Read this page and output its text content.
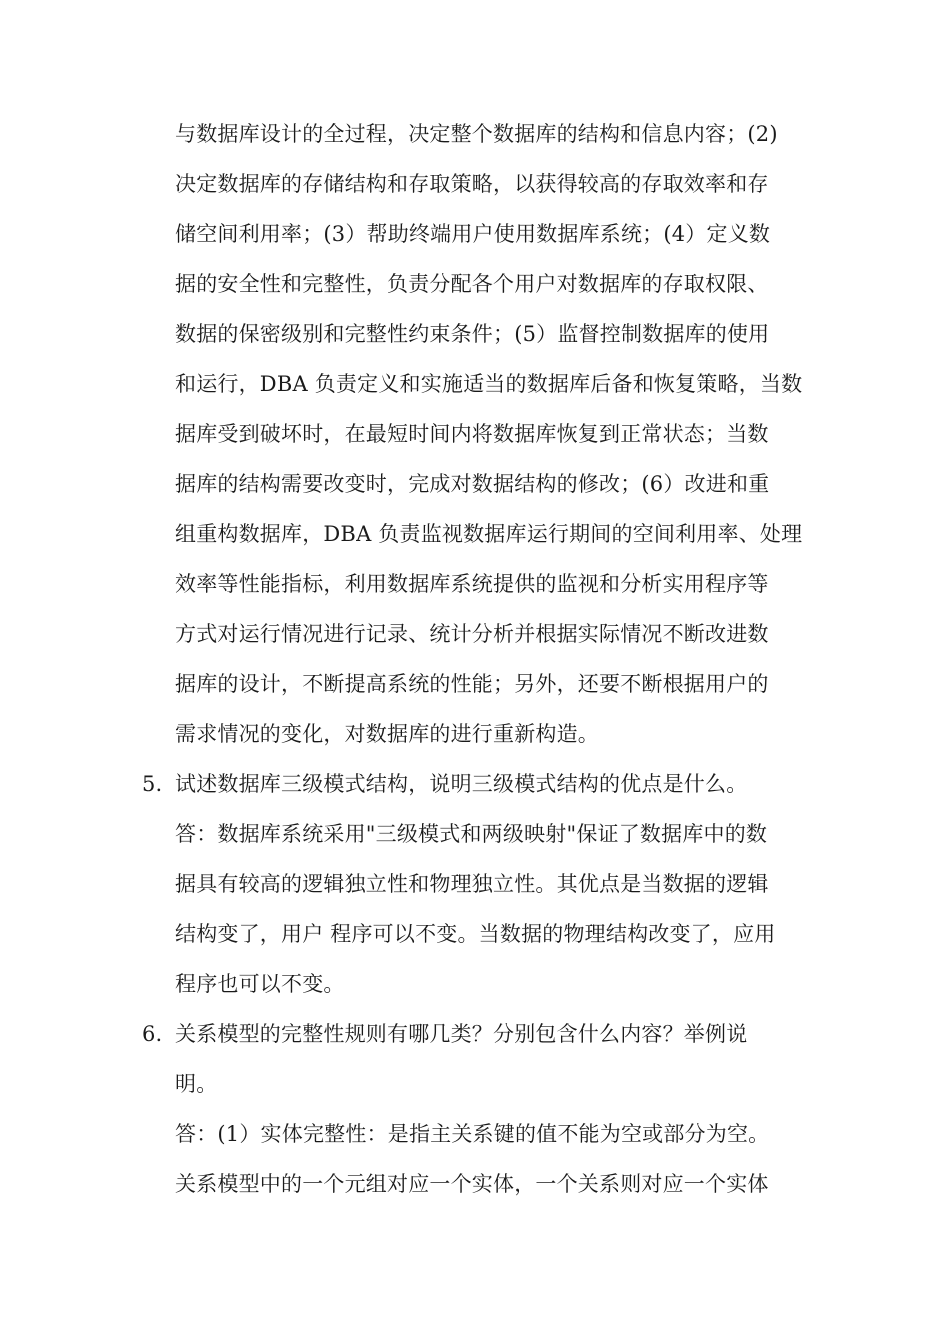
与数据库设计的全过程，决定整个数据库的结构和信息内容；(2)
决定数据库的存储结构和存取策略，以获得较高的存取效率和存
储空间利用率；(3）帮助终端用户使用数据库系统；(4）定义数
据的安全性和完整性，负责分配各个用户对数据库的存取权限、
数据的保密级别和完整性约束条件；(5）监督控制数据库的使用
和运行，DBA 负责定义和实施适当的数据库后备和恢复策略，当数
据库受到破坏时，在最短时间内将数据库恢复到正常状态；当数
据库的结构需要改变时，完成对数据结构的修改；(6）改进和重
组重构数据库，DBA 负责监视数据库运行期间的空间利用率、处理
效率等性能指标，利用数据库系统提供的监视和分析实用程序等
方式对运行情况进行记录、统计分析并根据实际情况不断改进数
据库的设计，不断提高系统的性能；另外，还要不断根据用户的
需求情况的变化，对数据库的进行重新构造。
5. 试述数据库三级模式结构，说明三级模式结构的优点是什么。
答：数据库系统采用"三级模式和两级映射"保证了数据库中的数
据具有较高的逻辑独立性和物理独立性。其优点是当数据的逻辑
结构变了，用户 程序可以不变。当数据的物理结构改变了，应用
程序也可以不变。
6. 关系模型的完整性规则有哪几类？分别包含什么内容？举例说
明。
答：(1）实体完整性：是指主关系键的值不能为空或部分为空。
关系模型中的一个元组对应一个实体，一个关系则对应一个实体
